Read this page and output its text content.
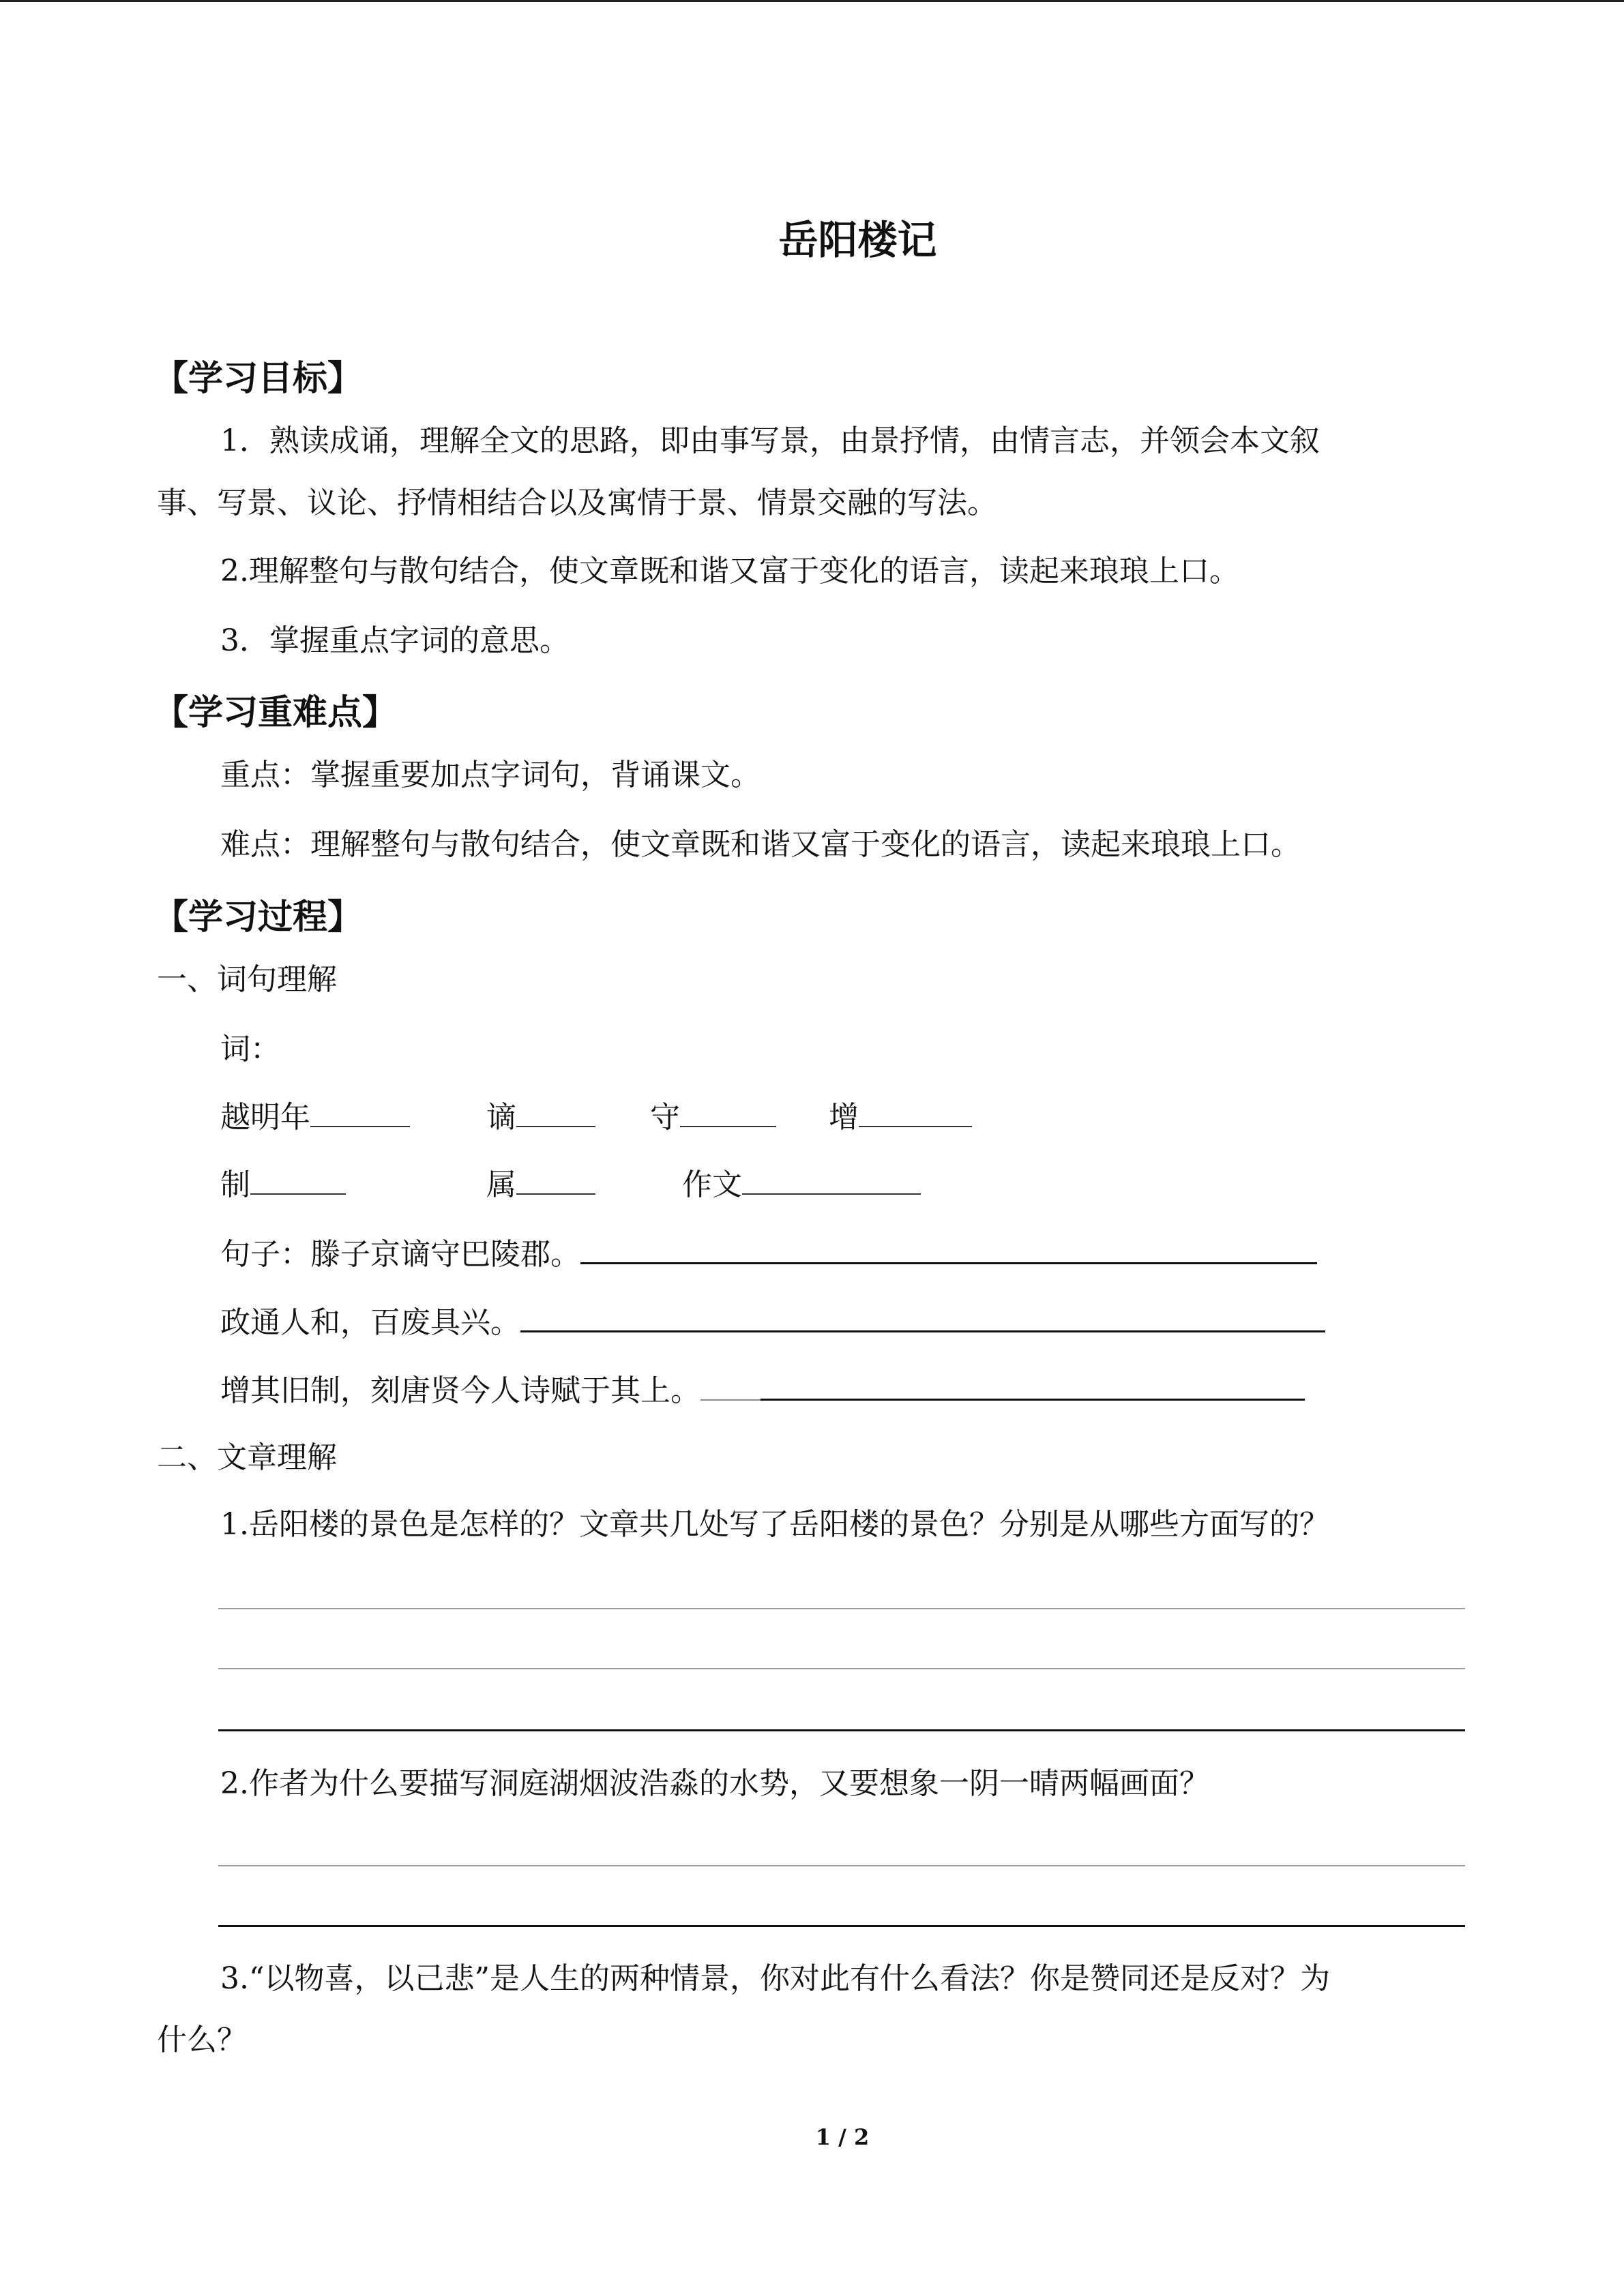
岳阳楼记
【学习目标】
1．熟读成诵，理解全文的思路，即由事写景，由景抒情，由情言志，并领会本文叙
事、写景、议论、抒情相结合以及寓情于景、情景交融的写法。
2.理解整句与散句结合，使文章既和谐又富于变化的语言，读起来琅琅上口。
3．掌握重点字词的意思。
【学习重难点】
重点：掌握重要加点字词句，背诵课文。
难点：理解整句与散句结合，使文章既和谐又富于变化的语言，读起来琅琅上口。
【学习过程】
一、词句理解
词：
越明年	谪	守	增
制	属	作文
句子：滕子京谪守巴陵郡。
政通人和，百废具兴。
增其旧制，刻唐贤今人诗赋于其上。
二、文章理解
1.岳阳楼的景色是怎样的？文章共几处写了岳阳楼的景色？分别是从哪些方面写的？
2.作者为什么要描写洞庭湖烟波浩淼的水势，又要想象一阴一晴两幅画面？
3.“以物喜，以己悲”是人生的两种情景，你对此有什么看法？你是赞同还是反对？为
什么？
1 / 2
